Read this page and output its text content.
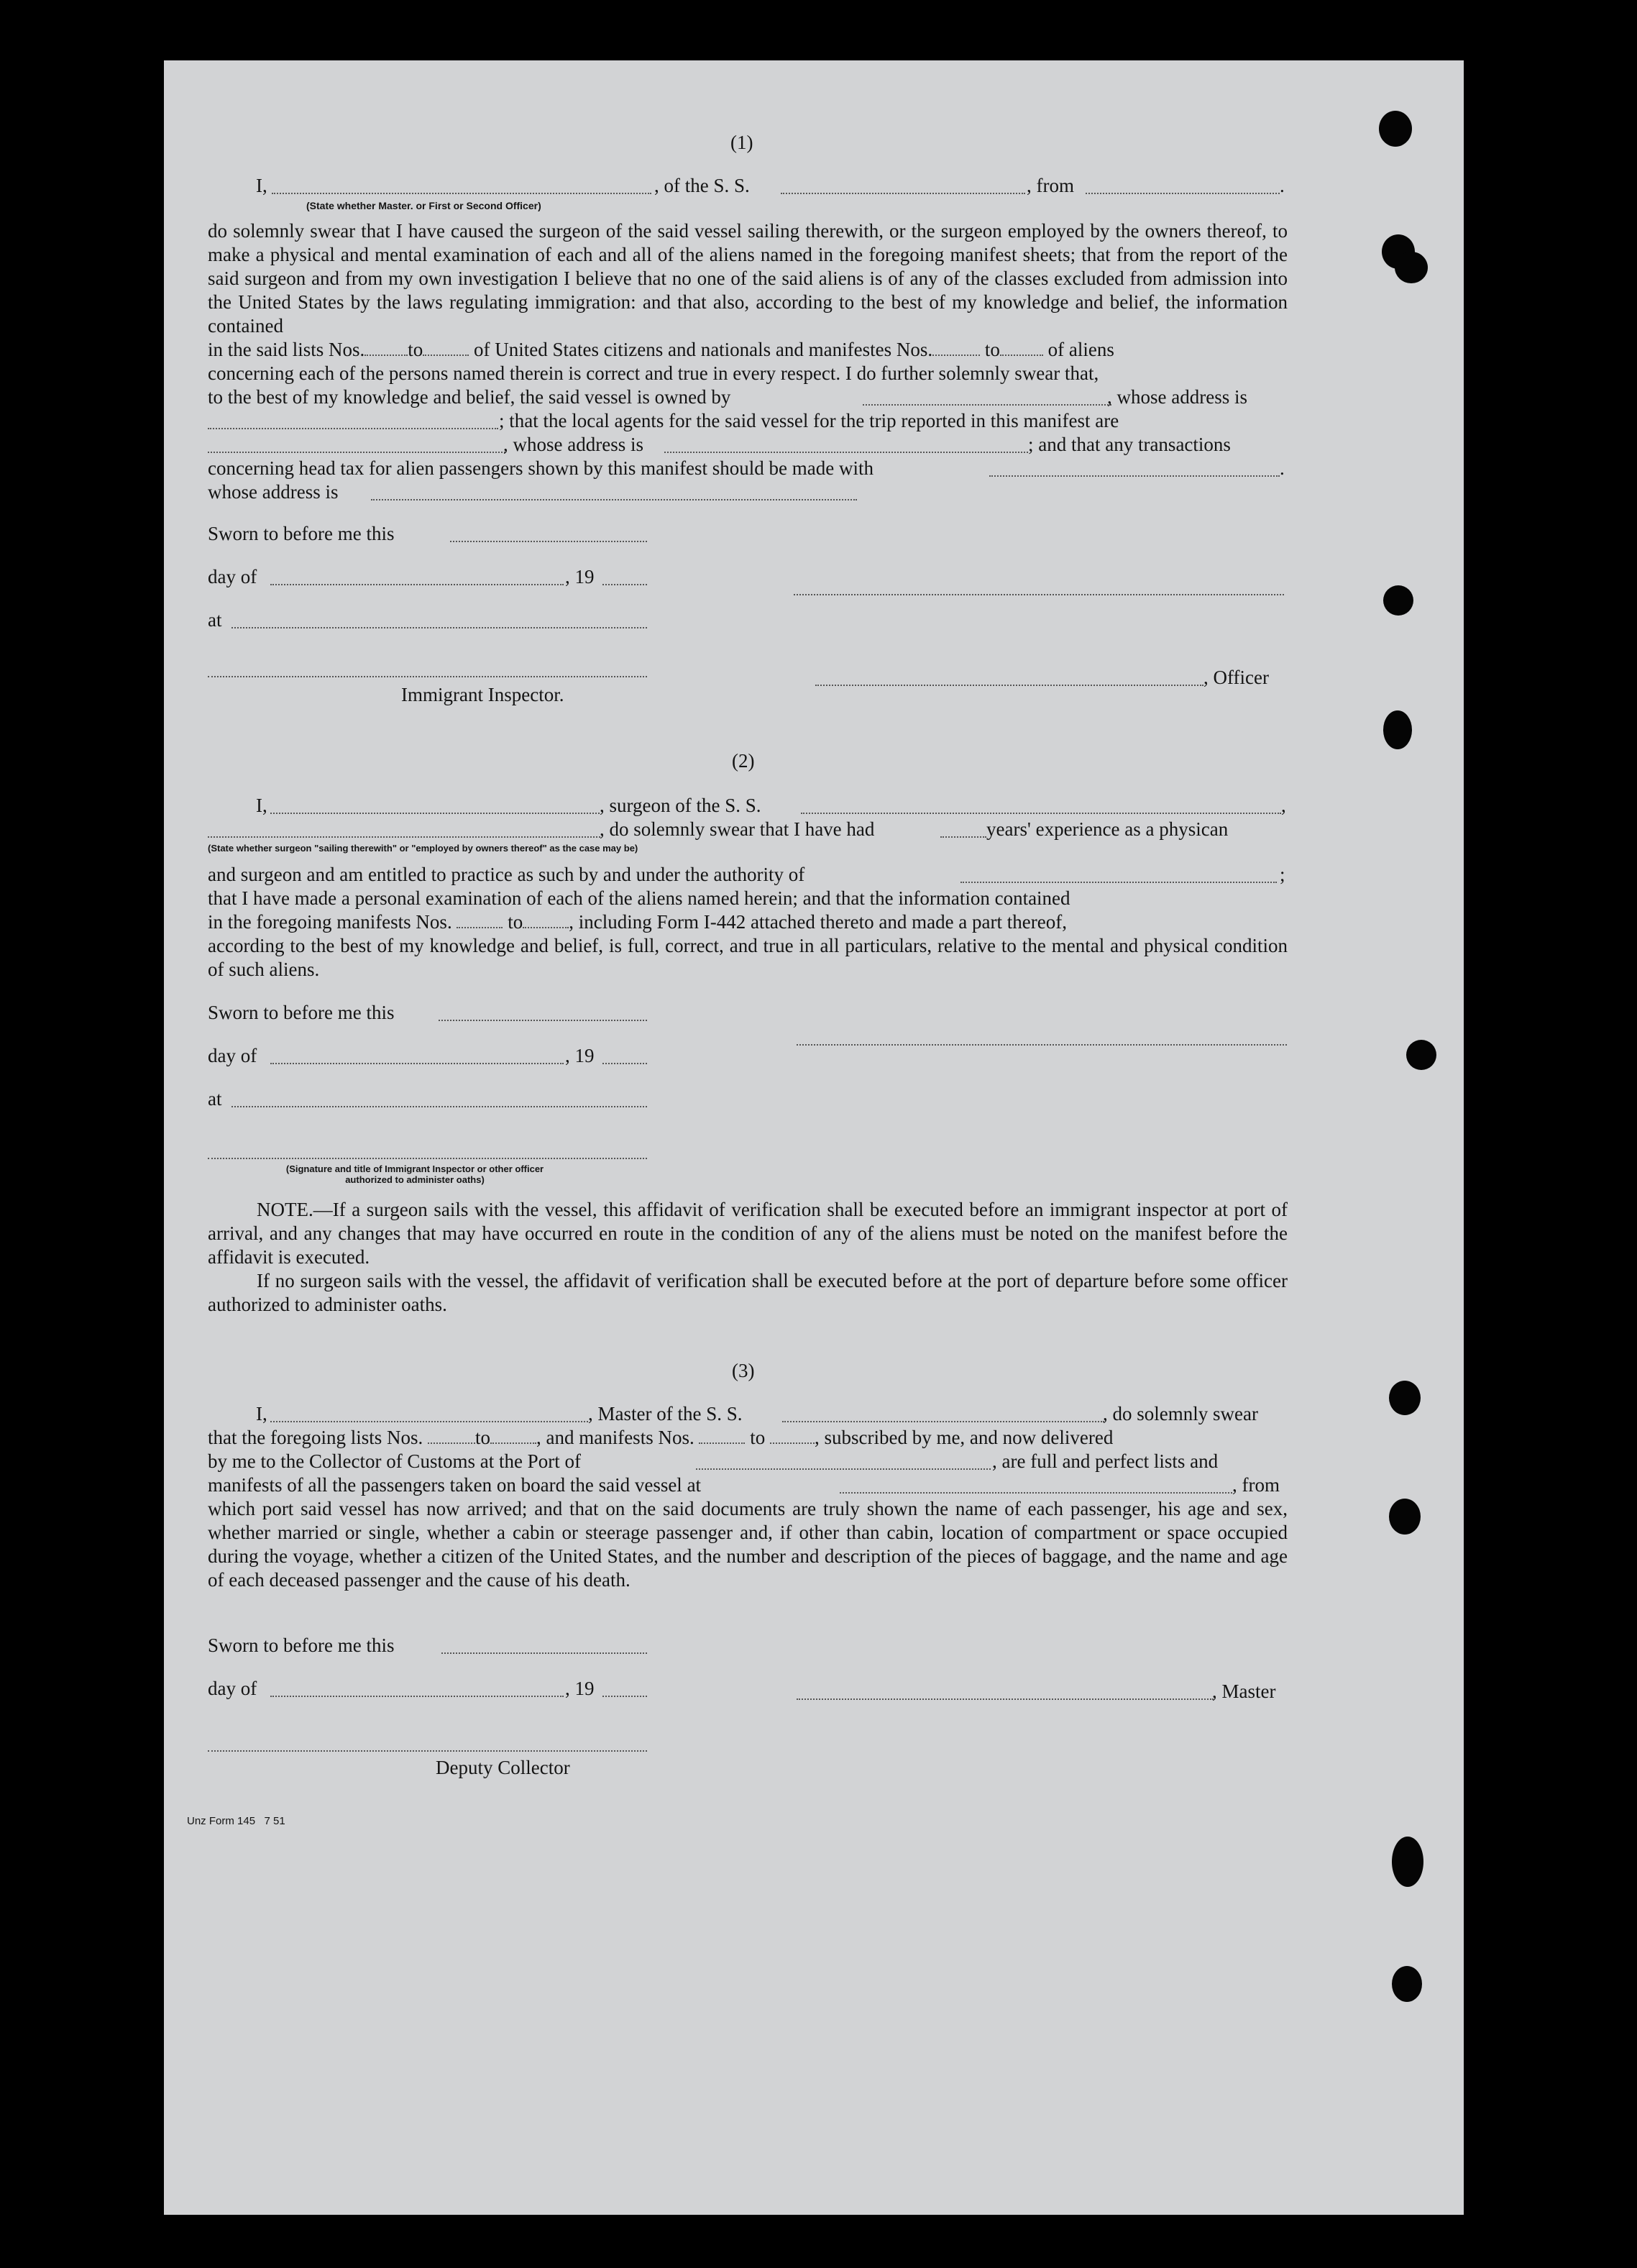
(1)
I,	, of the S. S.	, from	.
(State whether Master. or First or Second Officer)
do solemnly swear that I have caused the surgeon of the said vessel sailing therewith, or the surgeon employed by the owners thereof, to make a physical and mental examination of each and all of the aliens named in the foregoing manifest sheets; that from the report of the said surgeon and from my own investigation I believe that no one of the said aliens is of any of the classes excluded from admission into the United States by the laws regulating immigration: and that also, according to the best of my knowledge and belief, the information contained
in the said lists Nos. to	of United States citizens and nationals and manifestes Nos.	to of aliens
concerning each of the persons named therein is correct and true in every respect. I do further solemnly swear that,
to the best of my knowledge and belief, the said vessel is owned by	, whose address is
; that the local agents for the said vessel for the trip reported in this manifest are
, whose address is	; and that any transactions
concerning head tax for alien passengers shown by this manifest should be made with	.
whose address is
Sworn to before me this
day of	, 19
at
Immigrant Inspector.
, Officer
(2)
I,	, surgeon of the S. S.	,
, do solemnly swear that I have had	years' experience as a physican
(State whether surgeon "sailing therewith" or "employed by owners thereof" as the case may be)
and surgeon and am entitled to practice as such by and under the authority of	;
that I have made a personal examination of each of the aliens named herein; and that the information contained
in the foregoing manifests Nos.	to , including Form I-442 attached thereto and made a part thereof,
according to the best of my knowledge and belief, is full, correct, and true in all particulars, relative to the mental and physical condition of such aliens.
Sworn to before me this
day of	, 19
at
(Signature and title of Immigrant Inspector or other officer authorized to administer oaths)
NOTE.—If a surgeon sails with the vessel, this affidavit of verification shall be executed before an immigrant inspector at port of arrival, and any changes that may have occurred en route in the condition of any of the aliens must be noted on the manifest before the affidavit is executed.
If no surgeon sails with the vessel, the affidavit of verification shall be executed before at the port of departure before some officer authorized to administer oaths.
(3)
I,	, Master of the S. S.	, do solemnly swear
that the foregoing lists Nos.	to , and manifests Nos.	to	, subscribed by me, and now delivered
by me to the Collector of Customs at the Port of	, are full and perfect lists and
manifests of all the passengers taken on board the said vessel at	, from
which port said vessel has now arrived; and that on the said documents are truly shown the name of each passenger, his age and sex, whether married or single, whether a cabin or steerage passenger and, if other than cabin, location of compartment or space occupied during the voyage, whether a citizen of the United States, and the number and description of the pieces of baggage, and the name and age of each deceased passenger and the cause of his death.
Sworn to before me this
day of	, 19	, Master
Deputy Collector
Unz Form 145   7 51
